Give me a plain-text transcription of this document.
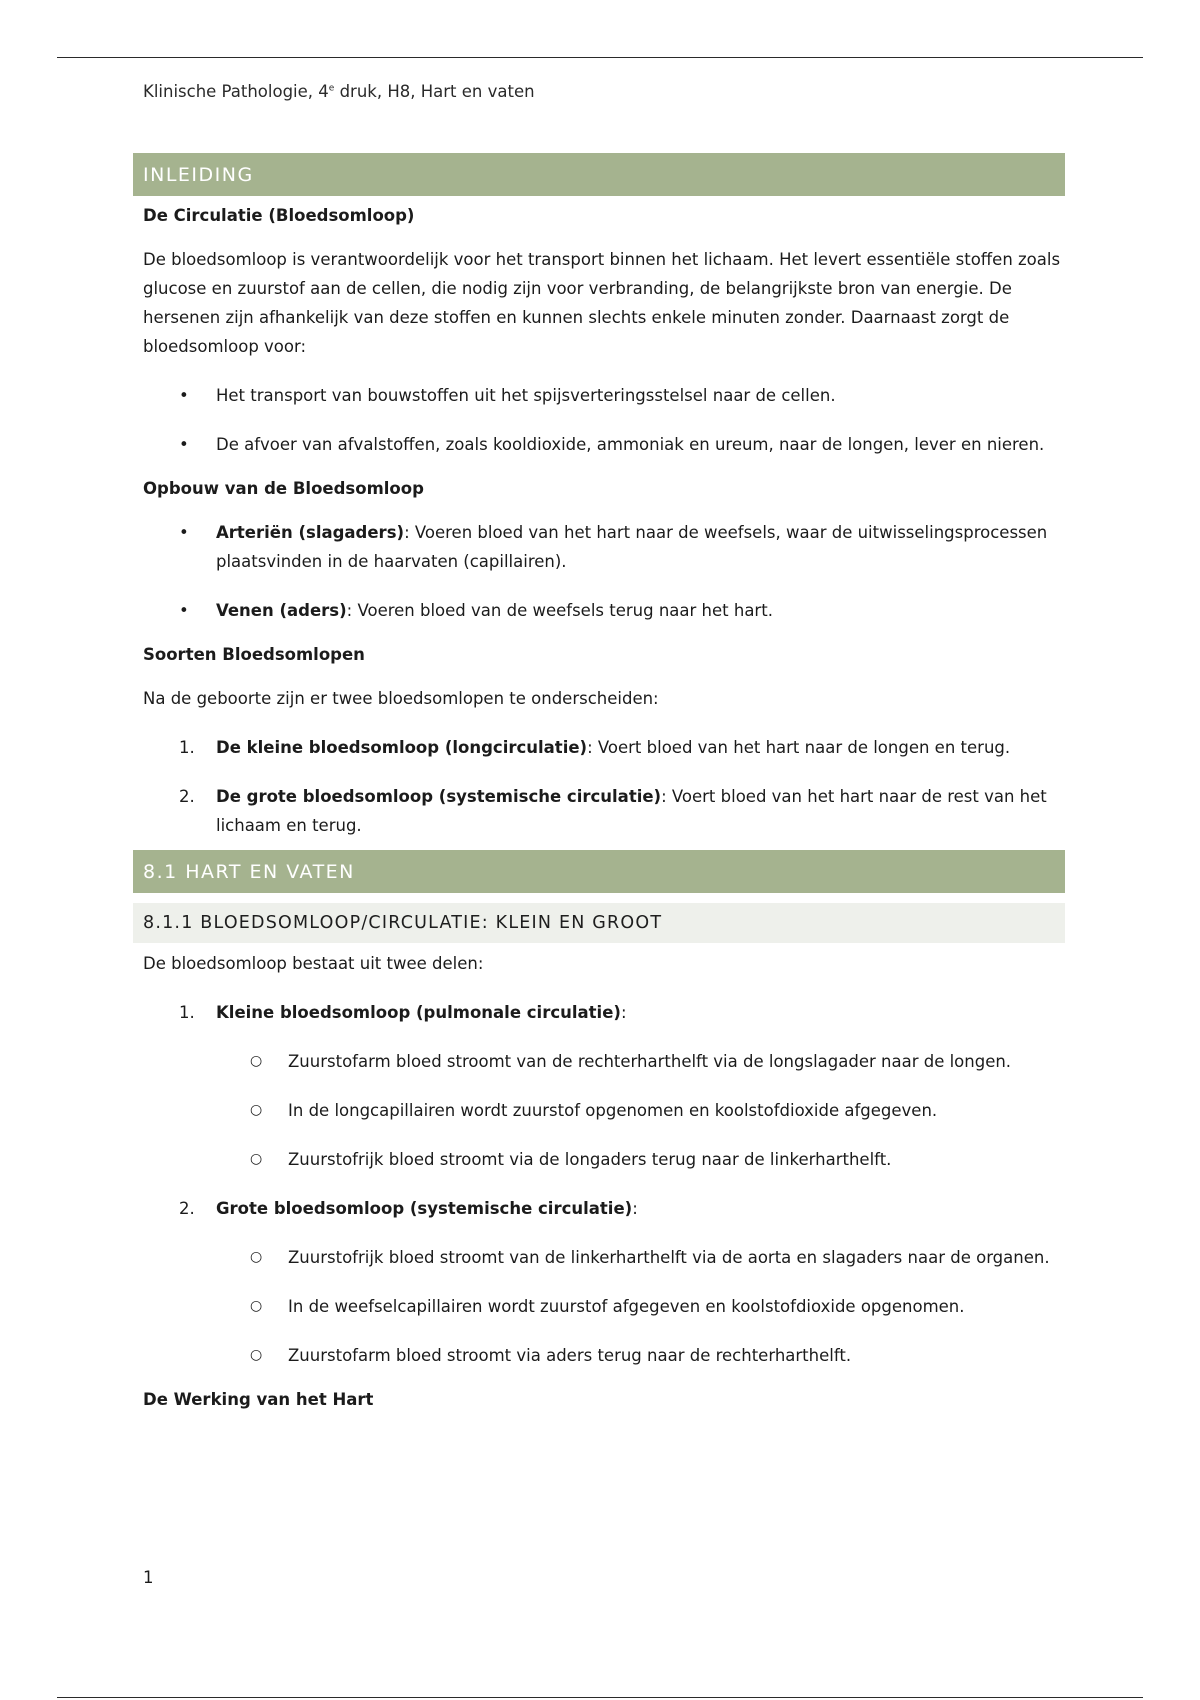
Klinische Pathologie, 4e druk, H8, Hart en vaten
INLEIDING
De Circulatie (Bloedsomloop)

De bloedsomloop is verantwoordelijk voor het transport binnen het lichaam. Het levert essentiële stoffen zoals glucose en zuurstof aan de cellen, die nodig zijn voor verbranding, de belangrijkste bron van energie. De hersenen zijn afhankelijk van deze stoffen en kunnen slechts enkele minuten zonder. Daarnaast zorgt de bloedsomloop voor:

• Het transport van bouwstoffen uit het spijsverteringsstelsel naar de cellen.
• De afvoer van afvalstoffen, zoals kooldioxide, ammoniak en ureum, naar de longen, lever en nieren.
Opbouw van de Bloedsomloop
• Arteriën (slagaders): Voeren bloed van het hart naar de weefsels, waar de uitwisselingsprocessen plaatsvinden in de haarvaten (capillairen).
• Venen (aders): Voeren bloed van de weefsels terug naar het hart.
Soorten Bloedsomlopen

Na de geboorte zijn er twee bloedsomlopen te onderscheiden:

1. De kleine bloedsomloop (longcirculatie): Voert bloed van het hart naar de longen en terug.
2. De grote bloedsomloop (systemische circulatie): Voert bloed van het hart naar de rest van het lichaam en terug.
8.1 HART EN VATEN
8.1.1 BLOEDSOMLOOP/CIRCULATIE: KLEIN EN GROOT

De bloedsomloop bestaat uit twee delen:

1. Kleine bloedsomloop (pulmonale circulatie):
○ Zuurstofarm bloed stroomt van de rechterharthelft via de longslagader naar de longen.
○ In de longcapillairen wordt zuurstof opgenomen en koolstofdioxide afgegeven.
○ Zuurstofrijk bloed stroomt via de longaders terug naar de linkerharthelft.
2. Grote bloedsomloop (systemische circulatie):
○ Zuurstofrijk bloed stroomt van de linkerharthelft via de aorta en slagaders naar de organen.
○ In de weefselcapillairen wordt zuurstof afgegeven en koolstofdioxide opgenomen.
○ Zuurstofarm bloed stroomt via aders terug naar de rechterharthelft.
De Werking van het Hart
1
